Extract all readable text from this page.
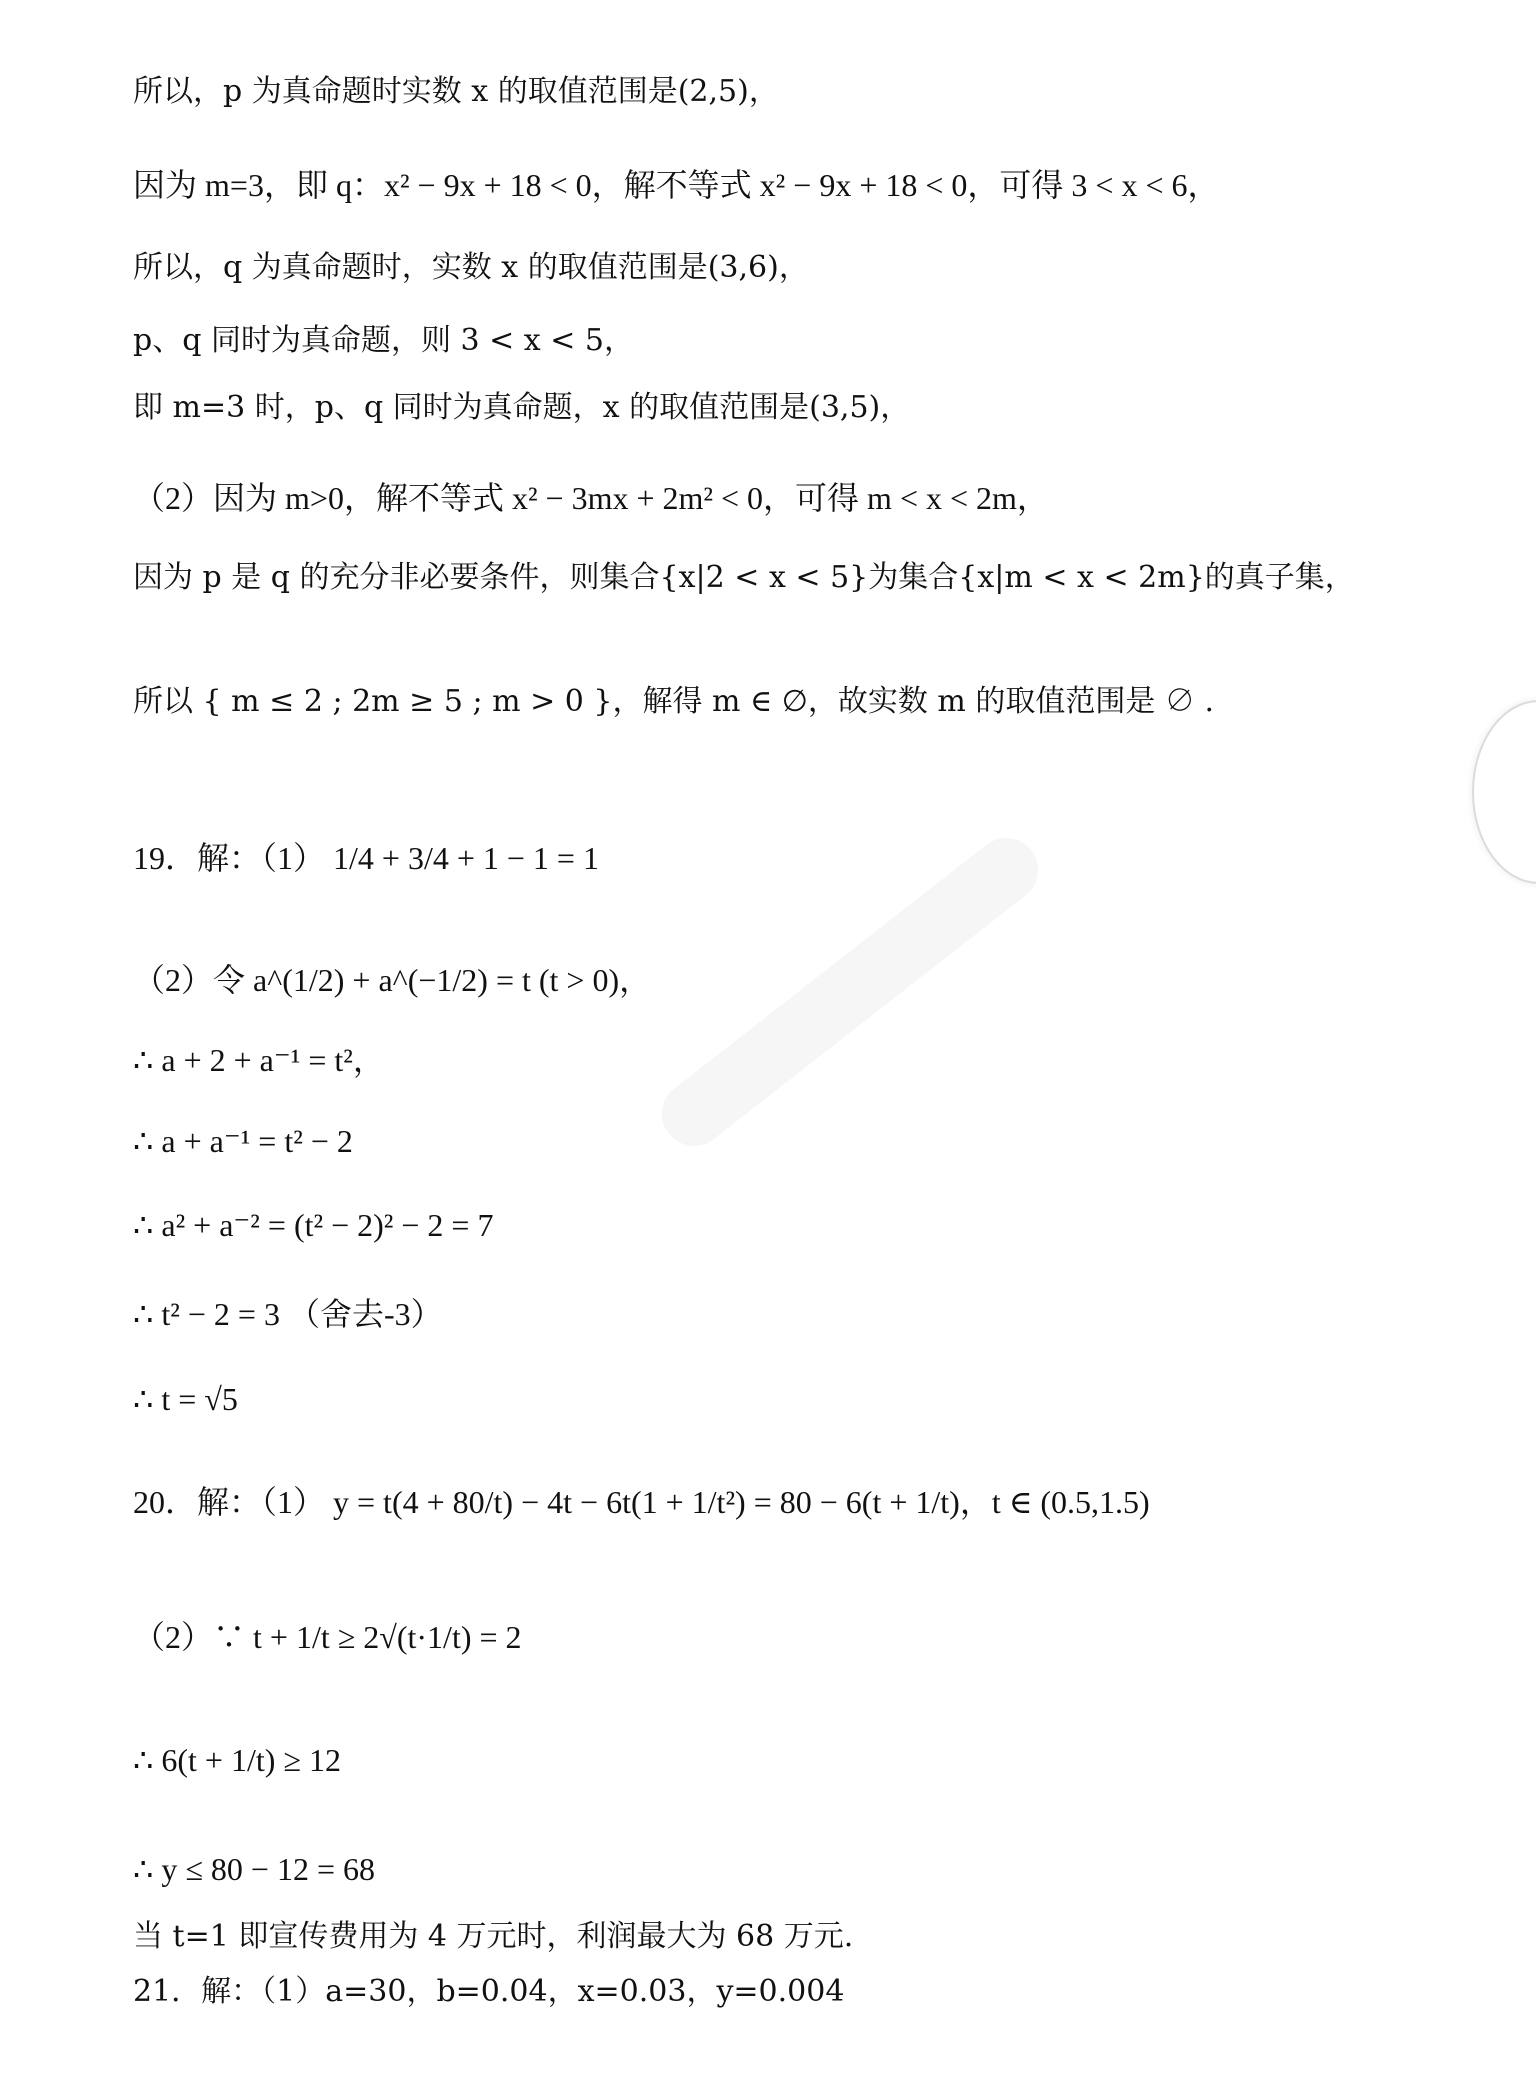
所以，p 为真命题时实数 x 的取值范围是(2,5)，
因为 m=3，即 q：x² − 9x + 18 < 0，解不等式 x² − 9x + 18 < 0，可得 3 < x < 6，
所以，q 为真命题时，实数 x 的取值范围是(3,6)，
p、q 同时为真命题，则 3 < x < 5，
即 m=3 时，p、q 同时为真命题，x 的取值范围是(3,5)，
（2）因为 m>0，解不等式 x² − 3mx + 2m² < 0，可得 m < x < 2m，
因为 p 是 q 的充分非必要条件，则集合{x|2 < x < 5}为集合{x|m < x < 2m}的真子集，
所以 { m ≤ 2 ; 2m ≥ 5 ; m > 0 }，解得 m ∈ ∅，故实数 m 的取值范围是 ∅ .
19．解：（1） 1/4 + 3/4 + 1 − 1 = 1
（2）令 a^(1/2) + a^(−1/2) = t (t > 0)，
∴ a + 2 + a⁻¹ = t²，
∴ a + a⁻¹ = t² − 2
∴ a² + a⁻² = (t² − 2)² − 2 = 7
∴ t² − 2 = 3 （舍去-3）
∴ t = √5
20．解：（1） y = t(4 + 80/t) − 4t − 6t(1 + 1/t²) = 80 − 6(t + 1/t)，t ∈ (0.5,1.5)
（2）∵ t + 1/t ≥ 2√(t·1/t) = 2
∴ 6(t + 1/t) ≥ 12
∴ y ≤ 80 − 12 = 68
当 t=1 即宣传费用为 4 万元时，利润最大为 68 万元.
21．解：（1）a=30，b=0.04，x=0.03，y=0.004
